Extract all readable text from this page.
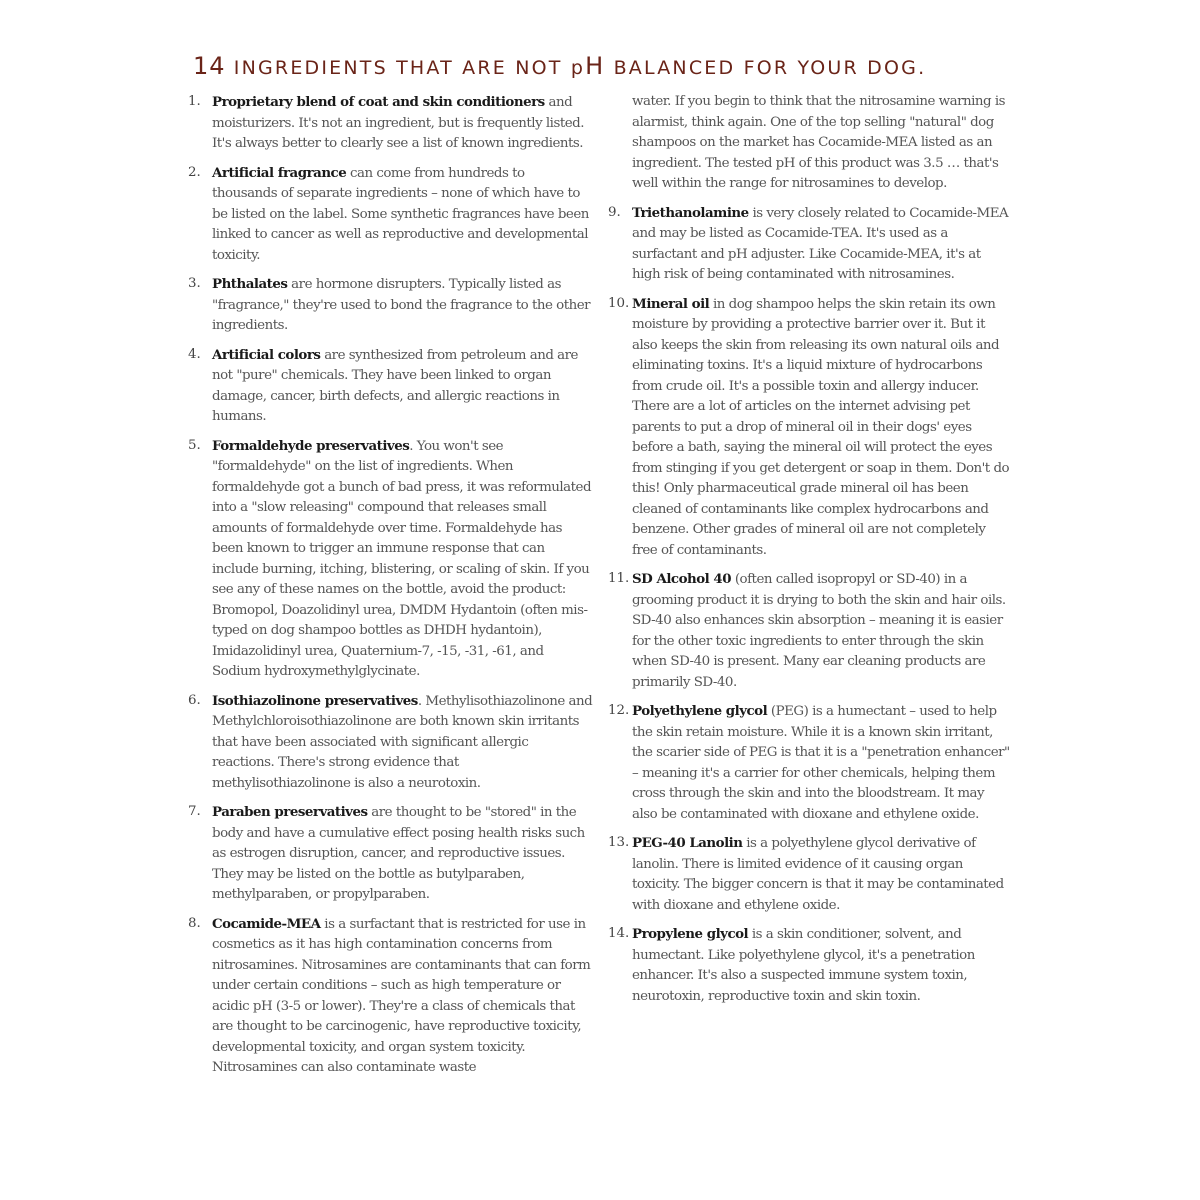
14 INGREDIENTS THAT ARE NOT pH BALANCED FOR YOUR DOG.
1. Proprietary blend of coat and skin conditioners and moisturizers. It's not an ingredient, but is frequently listed. It's always better to clearly see a list of known ingredients.
2. Artificial fragrance can come from hundreds to thousands of separate ingredients – none of which have to be listed on the label. Some synthetic fragrances have been linked to cancer as well as reproductive and developmental toxicity.
3. Phthalates are hormone disrupters. Typically listed as "fragrance," they're used to bond the fragrance to the other ingredients.
4. Artificial colors are synthesized from petroleum and are not "pure" chemicals. They have been linked to organ damage, cancer, birth defects, and allergic reactions in humans.
5. Formaldehyde preservatives. You won't see "formaldehyde" on the list of ingredients. When formaldehyde got a bunch of bad press, it was reformulated into a "slow releasing" compound that releases small amounts of formaldehyde over time. Formaldehyde has been known to trigger an immune response that can include burning, itching, blistering, or scaling of skin. If you see any of these names on the bottle, avoid the product: Bromopol, Doazolidinyl urea, DMDM Hydantoin (often mis-typed on dog shampoo bottles as DHDH hydantoin), Imidazolidinyl urea, Quaternium-7, -15, -31, -61, and Sodium hydroxymethylglycinate.
6. Isothiazolinone preservatives. Methylisothiazolinone and Methylchloroisothiazolinone are both known skin irritants that have been associated with significant allergic reactions. There's strong evidence that methylisothiazolinone is also a neurotoxin.
7. Paraben preservatives are thought to be "stored" in the body and have a cumulative effect posing health risks such as estrogen disruption, cancer, and reproductive issues. They may be listed on the bottle as butylparaben, methylparaben, or propylparaben.
8. Cocamide-MEA is a surfactant that is restricted for use in cosmetics as it has high contamination concerns from nitrosamines. Nitrosamines are contaminants that can form under certain conditions – such as high temperature or acidic pH (3-5 or lower). They're a class of chemicals that are thought to be carcinogenic, have reproductive toxicity, developmental toxicity, and organ system toxicity. Nitrosamines can also contaminate waste
water. If you begin to think that the nitrosamine warning is alarmist, think again. One of the top selling "natural" dog shampoos on the market has Cocamide-MEA listed as an ingredient. The tested pH of this product was 3.5 … that's well within the range for nitrosamines to develop.
9. Triethanolamine is very closely related to Cocamide-MEA and may be listed as Cocamide-TEA. It's used as a surfactant and pH adjuster. Like Cocamide-MEA, it's at high risk of being contaminated with nitrosamines.
10. Mineral oil in dog shampoo helps the skin retain its own moisture by providing a protective barrier over it. But it also keeps the skin from releasing its own natural oils and eliminating toxins. It's a liquid mixture of hydrocarbons from crude oil. It's a possible toxin and allergy inducer. There are a lot of articles on the internet advising pet parents to put a drop of mineral oil in their dogs' eyes before a bath, saying the mineral oil will protect the eyes from stinging if you get detergent or soap in them. Don't do this! Only pharmaceutical grade mineral oil has been cleaned of contaminants like complex hydrocarbons and benzene. Other grades of mineral oil are not completely free of contaminants.
11. SD Alcohol 40 (often called isopropyl or SD-40) in a grooming product it is drying to both the skin and hair oils. SD-40 also enhances skin absorption – meaning it is easier for the other toxic ingredients to enter through the skin when SD-40 is present. Many ear cleaning products are primarily SD-40.
12. Polyethylene glycol (PEG) is a humectant – used to help the skin retain moisture. While it is a known skin irritant, the scarier side of PEG is that it is a "penetration enhancer" – meaning it's a carrier for other chemicals, helping them cross through the skin and into the bloodstream. It may also be contaminated with dioxane and ethylene oxide.
13. PEG-40 Lanolin is a polyethylene glycol derivative of lanolin. There is limited evidence of it causing organ toxicity. The bigger concern is that it may be contaminated with dioxane and ethylene oxide.
14. Propylene glycol is a skin conditioner, solvent, and humectant. Like polyethylene glycol, it's a penetration enhancer. It's also a suspected immune system toxin, neurotoxin, reproductive toxin and skin toxin.
